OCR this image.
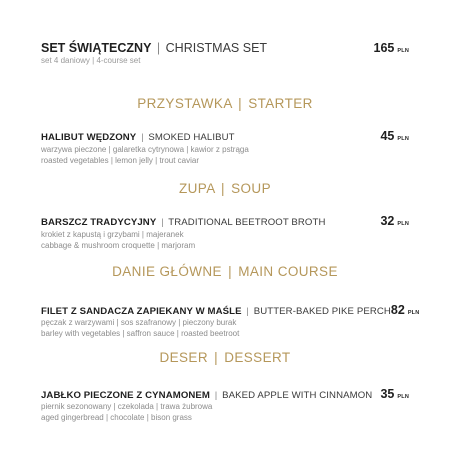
SET ŚWIĄTECZNY | CHRISTMAS SET	165 PLN
set 4 daniowy | 4-course set
PRZYSTAWKA | STARTER
HALIBUT WĘDZONY | SMOKED HALIBUT	45 PLN
warzywa pieczone | galaretka cytrynowa | kawior z pstrąga
roasted vegetables | lemon jelly | trout caviar
ZUPA | SOUP
BARSZCZ TRADYCYJNY | TRADITIONAL BEETROOT BROTH	32 PLN
krokiet z kapustą i grzybami | majeranek
cabbage & mushroom croquette | marjoram
DANIE GŁÓWNE | MAIN COURSE
FILET Z SANDACZA ZAPIEKANY W MAŚLE | BUTTER-BAKED PIKE PERCH 82 PLN
pęczak z warzywami | sos szafranowy | pieczony burak
barley with vegetables | saffron sauce | roasted beetroot
DESER | DESSERT
JABŁKO PIECZONE Z CYNAMONEM | BAKED APPLE WITH CINNAMON 35 PLN
piernik sezonowany | czekolada | trawa żubrowa
aged gingerbread | chocolate | bison grass
